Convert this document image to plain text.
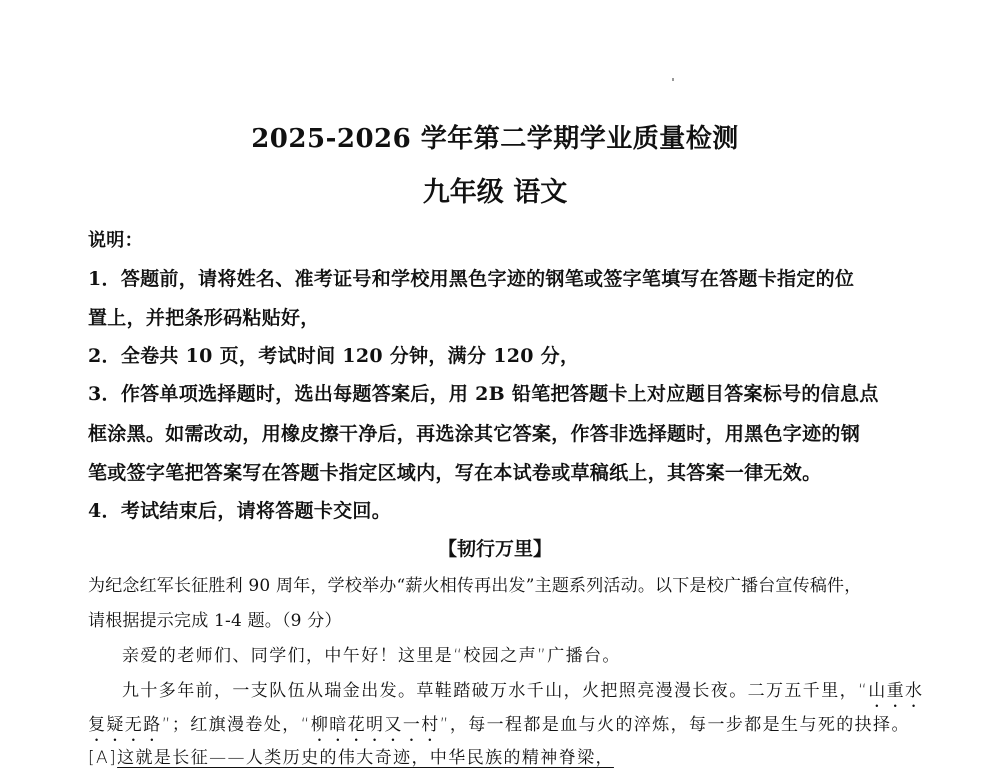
2025-2026 学年第二学期学业质量检测
九年级 语文
说明：
1．答题前，请将姓名、准考证号和学校用黑色字迹的钢笔或签字笔填写在答题卡指定的位
置上，并把条形码粘贴好，
2．全卷共 10 页，考试时间 120 分钟，满分 120 分，
3．作答单项选择题时，选出每题答案后，用 2B 铅笔把答题卡上对应题目答案标号的信息点
框涂黑。如需改动，用橡皮擦干净后，再选涂其它答案，作答非选择题时，用黑色字迹的钢
笔或签字笔把答案写在答题卡指定区域内，写在本试卷或草稿纸上，其答案一律无效。
4．考试结束后，请将答题卡交回。
【韧行万里】
为纪念红军长征胜利 90 周年，学校举办“薪火相传再出发”主题系列活动。以下是校广播台宣传稿件，
请根据提示完成 1-4 题。（9 分）
亲爱的老师们、同学们，中午好！这里是“校园之声”广播台。
九十多年前，一支队伍从瑞金出发。草鞋踏破万水千山，火把照亮漫漫长夜。二万五千里，“山重水
复疑无路”；红旗漫卷处，“柳暗花明又一村”，每一程都是血与火的淬炼，每一步都是生与死的抉择。
[A]这就是长征——人类历史的伟大奇迹，中华民族的精神脊梁，
